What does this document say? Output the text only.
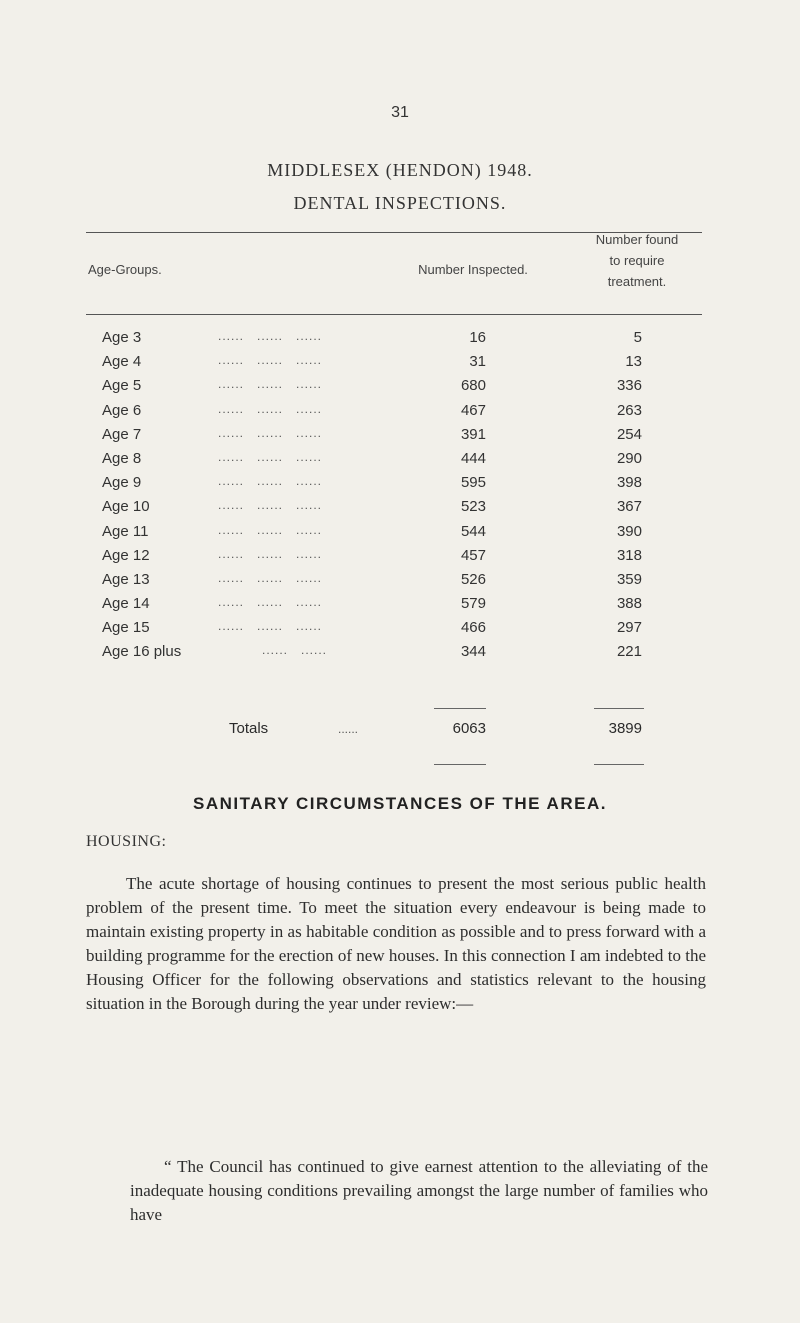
31
MIDDLESEX (HENDON) 1948.
DENTAL INSPECTIONS.
Age-Groups.	Number Inspected.
Number found
to require
treatment.
Age 3	......   ......   ......	16	5
Age 4	......   ......   ......	31	13
Age 5	......   ......   ......	680	336
Age 6	......   ......   ......	467	263
Age 7	......   ......   ......	391	254
Age 8	......   ......   ......	444	290
Age 9	......   ......   ......	595	398
Age 10	......   ......   ......	523	367
Age 11	......   ......   ......	544	390
Age 12	......   ......   ......	457	318
Age 13	......   ......   ......	526	359
Age 14	......   ......   ......	579	388
Age 15	......   ......   ......	466	297
Age 16 plus	......   ......	344	221
Totals	......	6063	3899
SANITARY CIRCUMSTANCES OF THE AREA.
HOUSING:
The acute shortage of housing continues to present the most serious public health problem of the present time. To meet the situation every endeavour is being made to maintain existing property in as habitable condition as possible and to press forward with a building programme for the erection of new houses. In this connection I am indebted to the Housing Officer for the following observations and statistics relevant to the housing situation in the Borough during the year under review:—
“ The Council has continued to give earnest attention to the alleviating of the inadequate housing conditions prevailing amongst the large number of families who have
